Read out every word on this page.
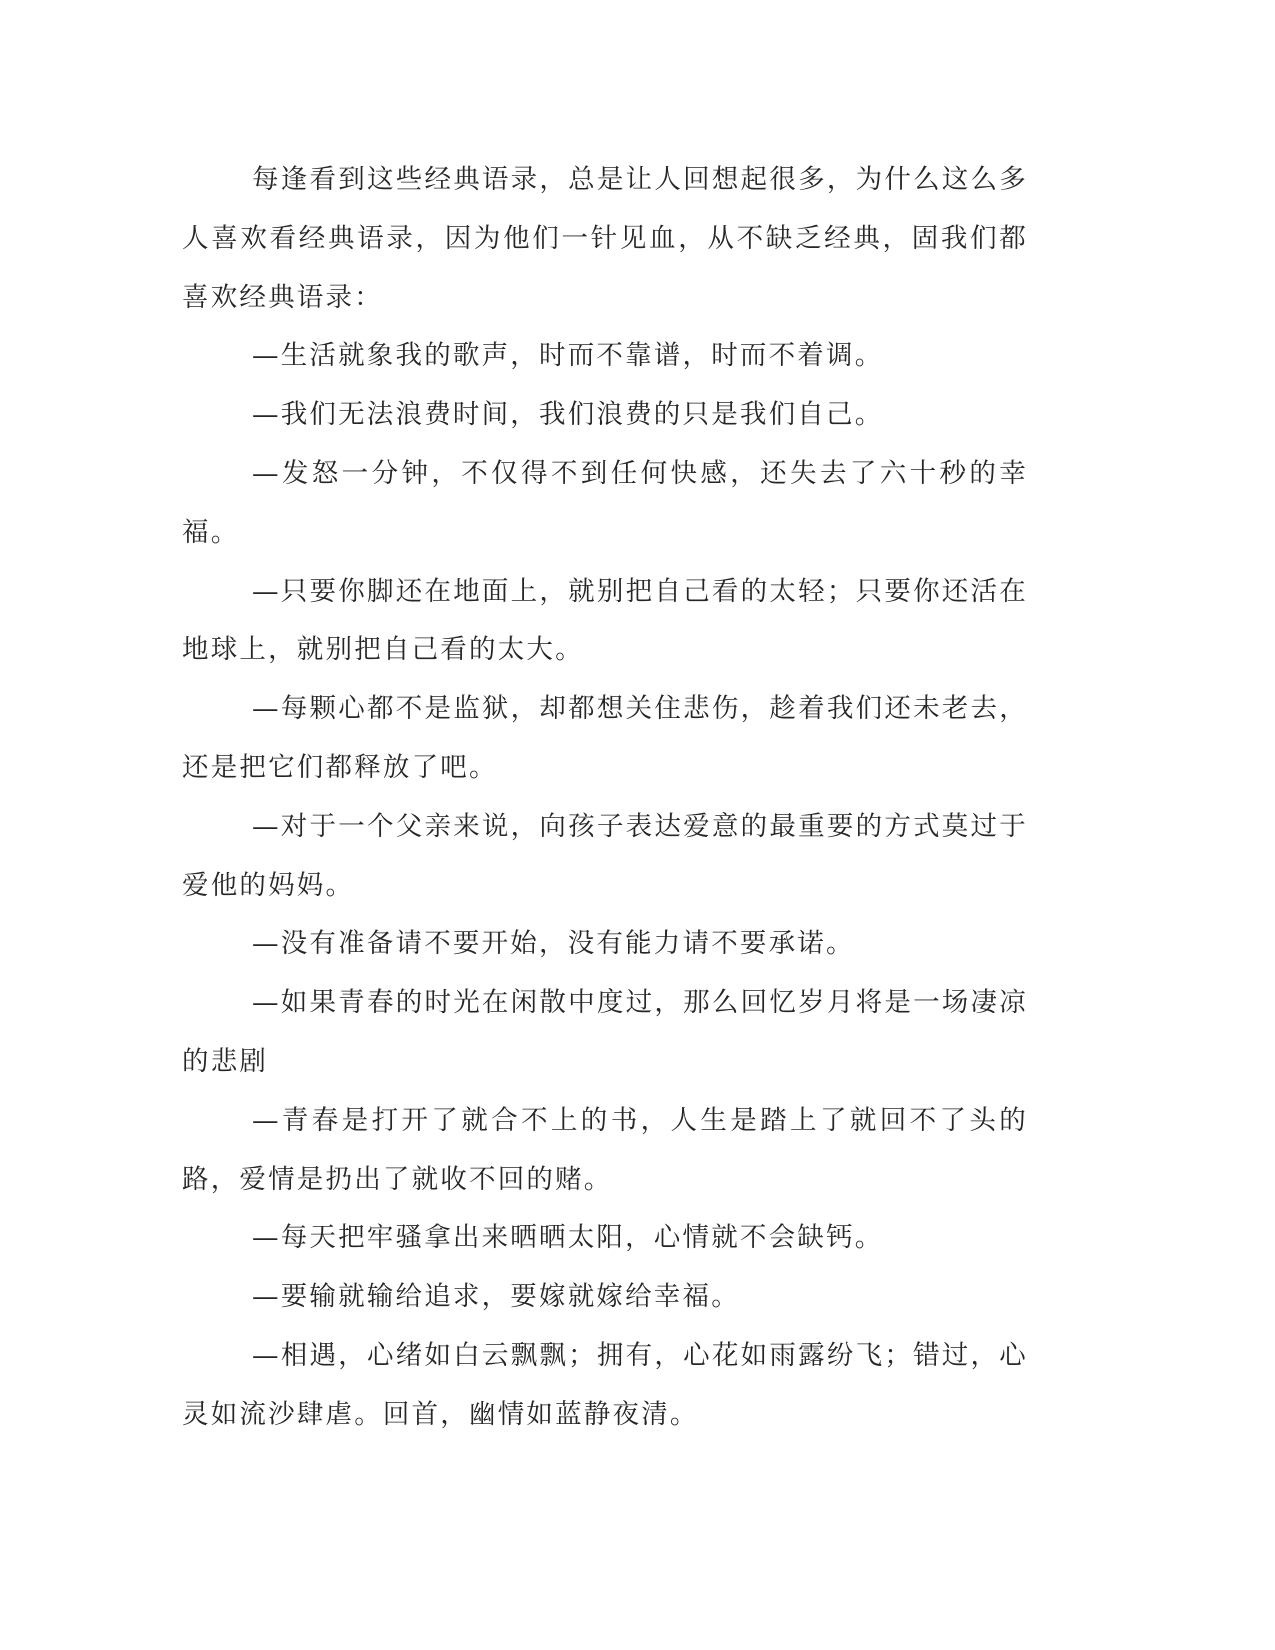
每逢看到这些经典语录，总是让人回想起很多，为什么这么多人喜欢看经典语录，因为他们一针见血，从不缺乏经典，固我们都喜欢经典语录：

—生活就象我的歌声，时而不靠谱，时而不着调。

—我们无法浪费时间，我们浪费的只是我们自己。

—发怒一分钟，不仅得不到任何快感，还失去了六十秒的幸福。

—只要你脚还在地面上，就别把自己看的太轻；只要你还活在地球上，就别把自己看的太大。

—每颗心都不是监狱，却都想关住悲伤，趁着我们还未老去，还是把它们都释放了吧。

—对于一个父亲来说，向孩子表达爱意的最重要的方式莫过于爱他的妈妈。

—没有准备请不要开始，没有能力请不要承诺。

—如果青春的时光在闲散中度过，那么回忆岁月将是一场凄凉的悲剧

—青春是打开了就合不上的书，人生是踏上了就回不了头的路，爱情是扔出了就收不回的赌。

—每天把牢骚拿出来晒晒太阳，心情就不会缺钙。

—要输就输给追求，要嫁就嫁给幸福。

—相遇，心绪如白云飘飘；拥有，心花如雨露纷飞；错过，心灵如流沙肆虐。回首，幽情如蓝静夜清。
